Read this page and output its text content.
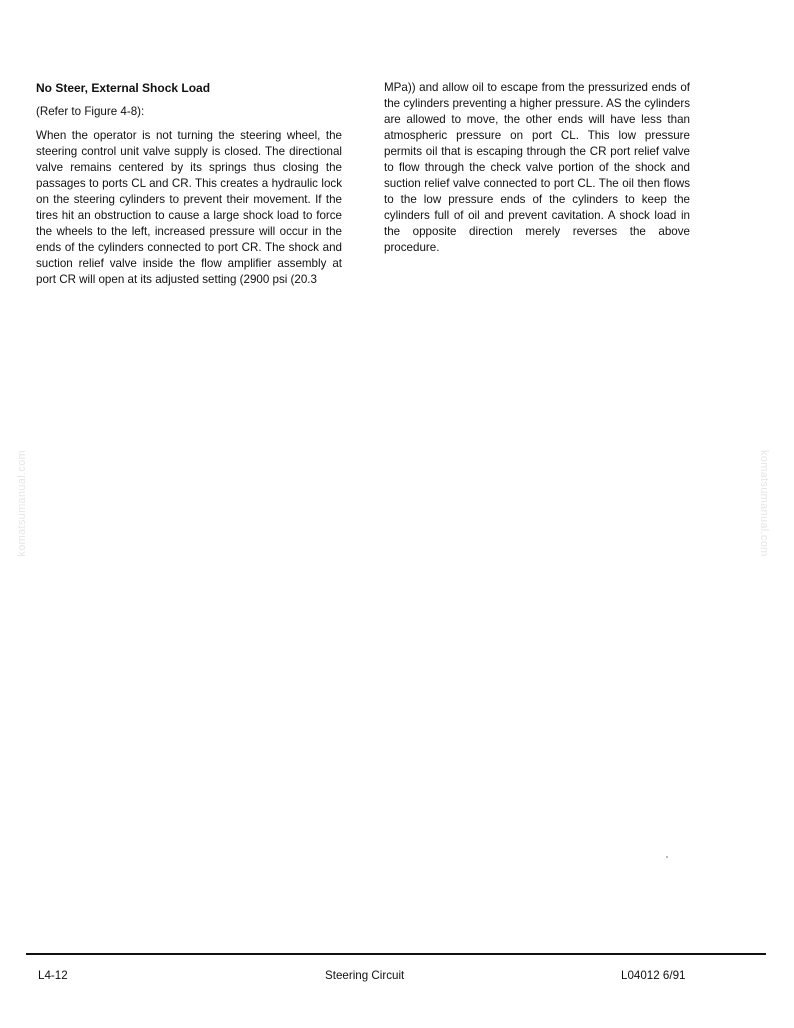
No Steer, External Shock Load

(Refer to Figure 4-8):

When the operator is not turning the steering wheel, the steering control unit valve supply is closed. The directional valve remains centered by its springs thus closing the passages to ports CL and CR. This creates a hydraulic lock on the steering cylinders to prevent their movement. If the tires hit an obstruction to cause a large shock load to force the wheels to the left, increased pressure will occur in the ends of the cylinders connected to port CR. The shock and suction relief valve inside the flow amplifier assembly at port CR will open at its adjusted setting (2900 psi (20.3

MPa)) and allow oil to escape from the pressurized ends of the cylinders preventing a higher pressure. AS the cylinders are allowed to move, the other ends will have less than atmospheric pressure on port CL. This low pressure permits oil that is escaping through the CR port relief valve to flow through the check valve portion of the shock and suction relief valve connected to port CL. The oil then flows to the low pressure ends of the cylinders to keep the cylinders full of oil and prevent cavitation. A shock load in the opposite direction merely reverses the above procedure.

komatsumanual.com	komatsumanual.com
L4-12	Steering Circuit	L04012 6/91
